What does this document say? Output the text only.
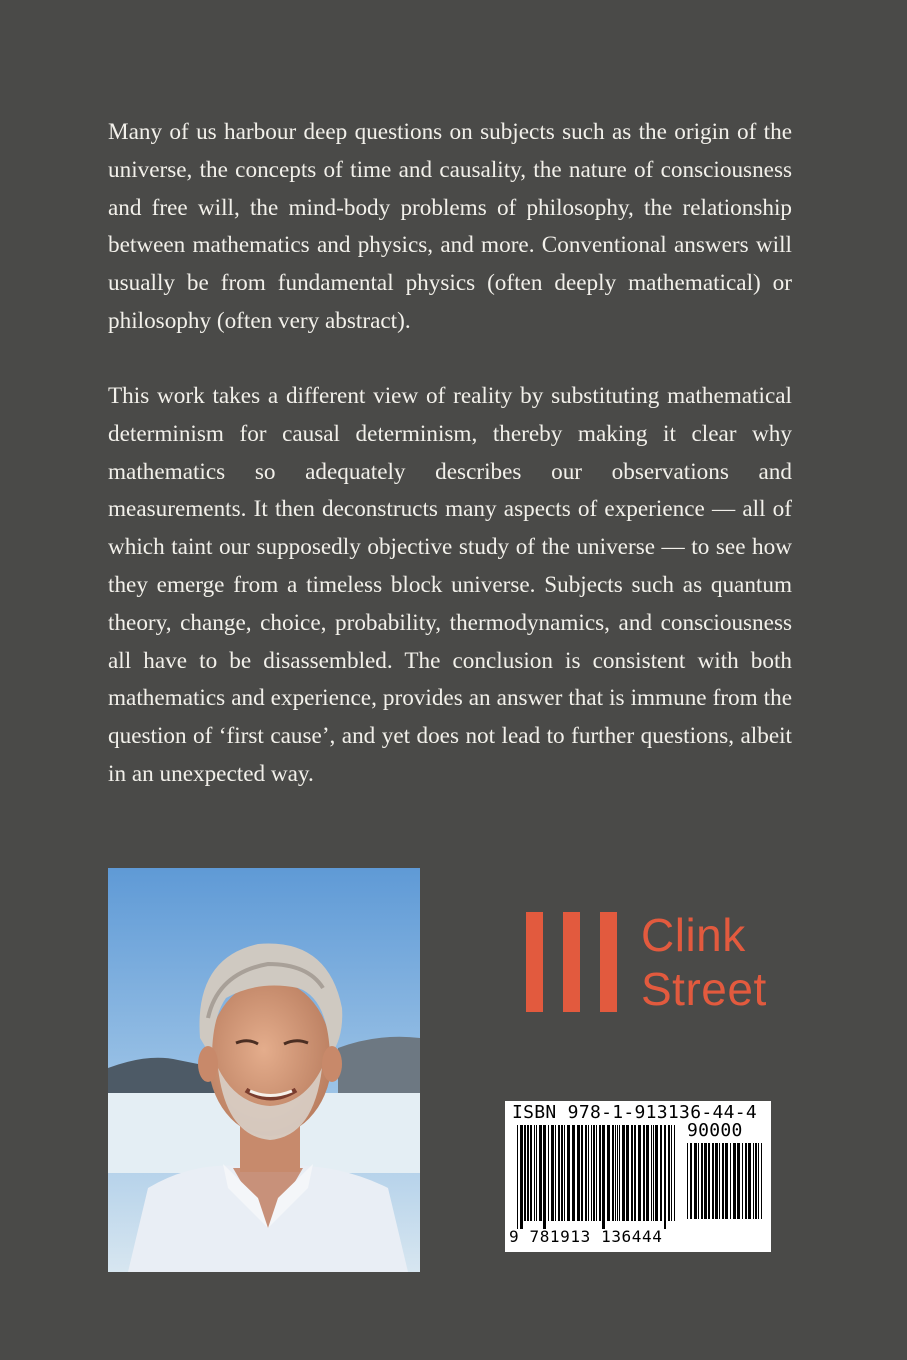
Many of us harbour deep questions on subjects such as the origin of the universe, the concepts of time and causality, the nature of consciousness and free will, the mind-body problems of philosophy, the relationship between mathematics and physics, and more. Conventional answers will usually be from fundamental physics (often deeply mathematical) or philosophy (often very abstract).

This work takes a different view of reality by substituting mathematical determinism for causal determinism, thereby making it clear why mathematics so adequately describes our observations and measurements. It then deconstructs many aspects of experience — all of which taint our supposedly objective study of the universe — to see how they emerge from a timeless block universe. Subjects such as quantum theory, change, choice, probability, thermodynamics, and consciousness all have to be disassembled. The conclusion is consistent with both mathematics and experience, provides an answer that is immune from the question of ‘first cause’, and yet does not lead to further questions, albeit in an unexpected way.

Clink
Street
ISBN 978-1-913136-44-4
90000
9 781913 136444
